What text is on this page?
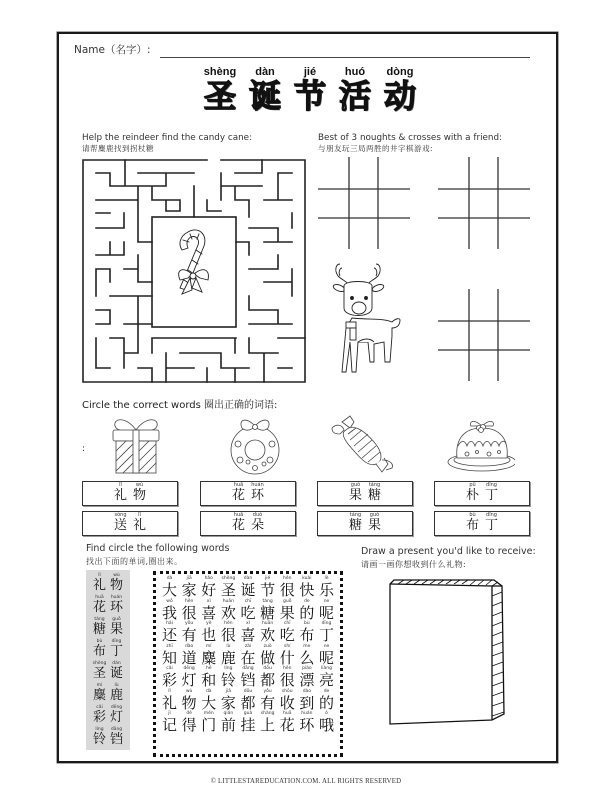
Name（名字）:
shèng
圣
dàn
诞
jié
节
huó
活
dòng
动
Help the reindeer find the candy cane:
请帮麋鹿找到拐杖糖
Best of 3 noughts & crosses with a friend:
与朋友玩三局两胜的井字棋游戏:
Circle the correct words 圈出正确的词语:
:
lǐ
礼
wù
物
huā
花
huán
环
guǒ
果
táng
糖
pǔ
朴
dīng
丁
sòng
送
lǐ
礼
huā
花
duǒ
朵
táng
糖
guǒ
果
bù
布
dīng
丁
Find circle the following words
找出下面的单词,圈出来。
lǐ
礼
wù
物
huā
花
huán
环
táng
糖
guǒ
果
bù
布
dīng
丁
shèng
圣
dàn
诞
mí
麋
lù
鹿
cǎi
彩
dēng
灯
líng
铃
dāng
铛
dà
大
jiā
家
hǎo
好
shèng
圣
dàn
诞
jié
节
hěn
很
kuài
快
lè
乐
wǒ
我
hěn
很
xǐ
喜
huān
欢
chī
吃
táng
糖
guǒ
果
de
的
ne
呢
hái
还
yǒu
有
yě
也
hěn
很
xǐ
喜
huān
欢
chī
吃
bù
布
dīng
丁
zhī
知
dào
道
mí
麋
lù
鹿
zài
在
zuò
做
shí
什
me
么
ne
呢
cǎi
彩
dēng
灯
hé
和
líng
铃
dāng
铛
dōu
都
hěn
很
piào
漂
liàng
亮
lǐ
礼
wù
物
dà
大
jiā
家
dōu
都
yǒu
有
shōu
收
dào
到
de
的
jì
记
dé
得
mén
门
qián
前
guà
挂
shàng
上
huā
花
huán
环
ó
哦
Draw a present you'd like to receive:
请画一画你想收到什么礼物:
© LITTLESTAREDUCATION.COM. ALL RIGHTS RESERVED
